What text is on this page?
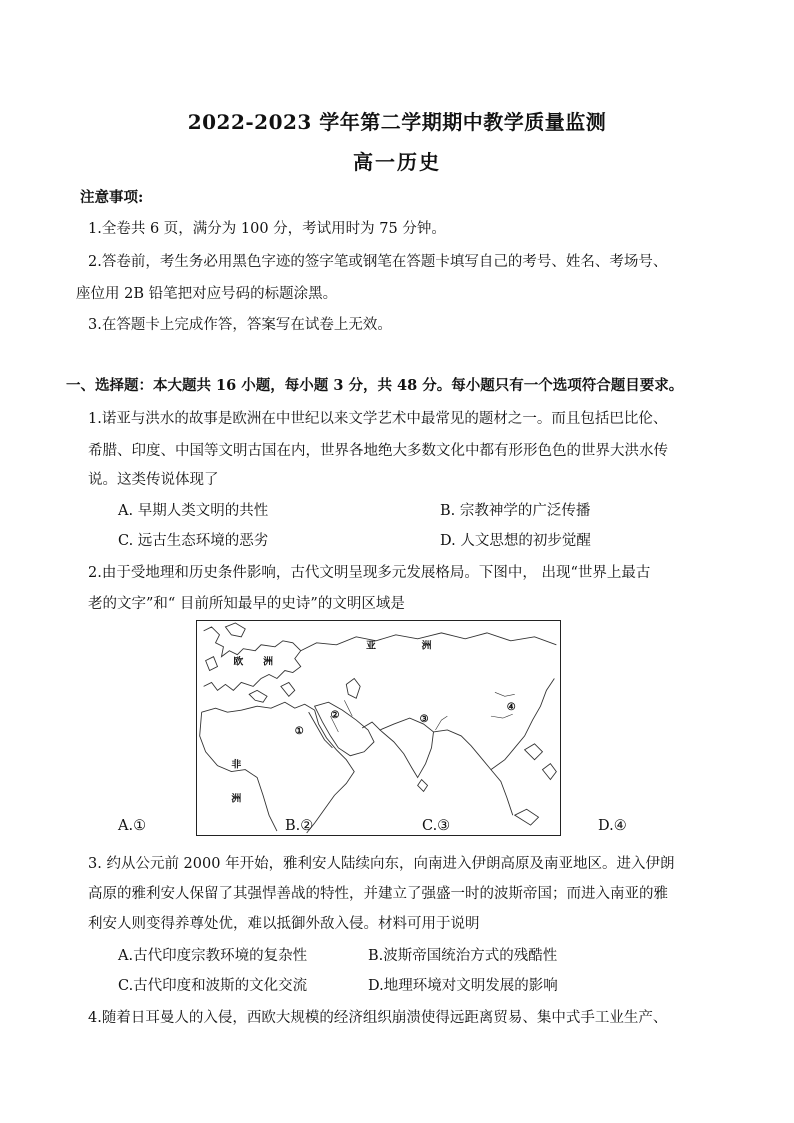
2022-2023 学年第二学期期中教学质量监测
高一历史
注意事项:
1.全卷共 6 页，满分为 100 分，考试用时为 75 分钟。
2.答卷前，考生务必用黑色字迹的签字笔或钢笔在答题卡填写自己的考号、姓名、考场号、
座位用 2B 铅笔把对应号码的标题涂黑。
3.在答题卡上完成作答，答案写在试卷上无效。
一、选择题：本大题共 16 小题，每小题 3 分，共 48 分。每小题只有一个选项符合题目要求。
1.诺亚与洪水的故事是欧洲在中世纪以来文学艺术中最常见的题材之一。而且包括巴比伦、
希腊、印度、中国等文明古国在内，世界各地绝大多数文化中都有形形色色的世界大洪水传
说。这类传说体现了
A. 早期人类文明的共性	B. 宗教神学的广泛传播
C. 远古生态环境的恶劣	D. 人文思想的初步觉醒
2.由于受地理和历史条件影响，古代文明呈现多元发展格局。下图中， 出现“世界上最古
老的文字”和“ 目前所知最早的史诗”的文明区域是
亚	洲
欧 洲
非
洲
①
②	③
④
A.①	B.②	C.③	D.④
3. 约从公元前 2000 年开始，雅利安人陆续向东，向南进入伊朗高原及南亚地区。进入伊朗
高原的雅利安人保留了其强悍善战的特性，并建立了强盛一时的波斯帝国；而进入南亚的雅
利安人则变得养尊处优，难以抵御外敌入侵。材料可用于说明
A.古代印度宗教环境的复杂性	B.波斯帝国统治方式的残酷性
C.古代印度和波斯的文化交流	D.地理环境对文明发展的影响
4.随着日耳曼人的入侵，西欧大规模的经济组织崩溃使得远距离贸易、集中式手工业生产、
